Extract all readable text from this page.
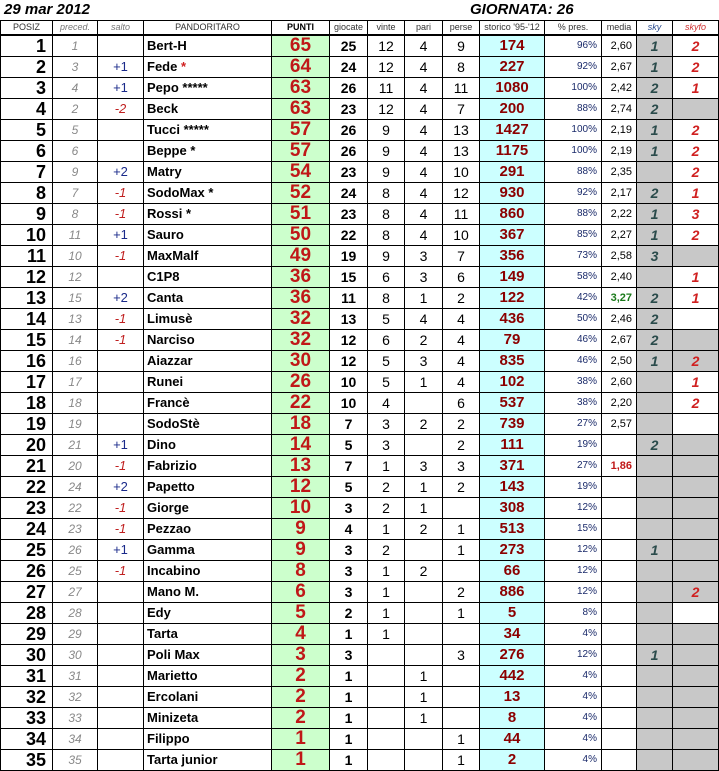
29 mar 2012	GIORNATA: 26
POSIZ	preced.	salto	PANDORITARO	PUNTI	giocate	vinte	pari	perse	storico '95-'12	% pres.	media	sky	skyfo
1	1		Bert-H	65	25	12	4	9	174	96%	2,60	1	2
2	3	+1	Fede *	64	24	12	4	8	227	92%	2,67	1	2
3	4	+1	Pepo *****	63	26	11	4	11	1080	100%	2,42	2	1
4	2	-2	Beck	63	23	12	4	7	200	88%	2,74	2	
5	5		Tucci *****	57	26	9	4	13	1427	100%	2,19	1	2
6	6		Beppe *	57	26	9	4	13	1175	100%	2,19	1	2
7	9	+2	Matry	54	23	9	4	10	291	88%	2,35		2
8	7	-1	SodoMax *	52	24	8	4	12	930	92%	2,17	2	1
9	8	-1	Rossi *	51	23	8	4	11	860	88%	2,22	1	3
10	11	+1	Sauro	50	22	8	4	10	367	85%	2,27	1	2
11	10	-1	MaxMalf	49	19	9	3	7	356	73%	2,58	3	
12	12		C1P8	36	15	6	3	6	149	58%	2,40		1
13	15	+2	Canta	36	11	8	1	2	122	42%	3,27	2	1
14	13	-1	Limusè	32	13	5	4	4	436	50%	2,46	2	
15	14	-1	Narciso	32	12	6	2	4	79	46%	2,67	2	
16	16		Aiazzar	30	12	5	3	4	835	46%	2,50	1	2
17	17		Runei	26	10	5	1	4	102	38%	2,60		1
18	18		Francè	22	10	4		6	537	38%	2,20		2
19	19		SodoStè	18	7	3	2	2	739	27%	2,57		
20	21	+1	Dino	14	5	3		2	111	19%		2	
21	20	-1	Fabrizio	13	7	1	3	3	371	27%	1,86		
22	24	+2	Papetto	12	5	2	1	2	143	19%			
23	22	-1	Giorge	10	3	2	1		308	12%			
24	23	-1	Pezzao	9	4	1	2	1	513	15%			
25	26	+1	Gamma	9	3	2		1	273	12%		1	
26	25	-1	Incabino	8	3	1	2		66	12%			
27	27		Mano M.	6	3	1		2	886	12%			2
28	28		Edy	5	2	1		1	5	8%			
29	29		Tarta	4	1	1			34	4%			
30	30		Poli Max	3	3			3	276	12%		1	
31	31		Marietto	2	1		1		442	4%			
32	32		Ercolani	2	1		1		13	4%			
33	33		Minizeta	2	1		1		8	4%			
34	34		Filippo	1	1			1	44	4%			
35	35		Tarta junior	1	1			1	2	4%			
